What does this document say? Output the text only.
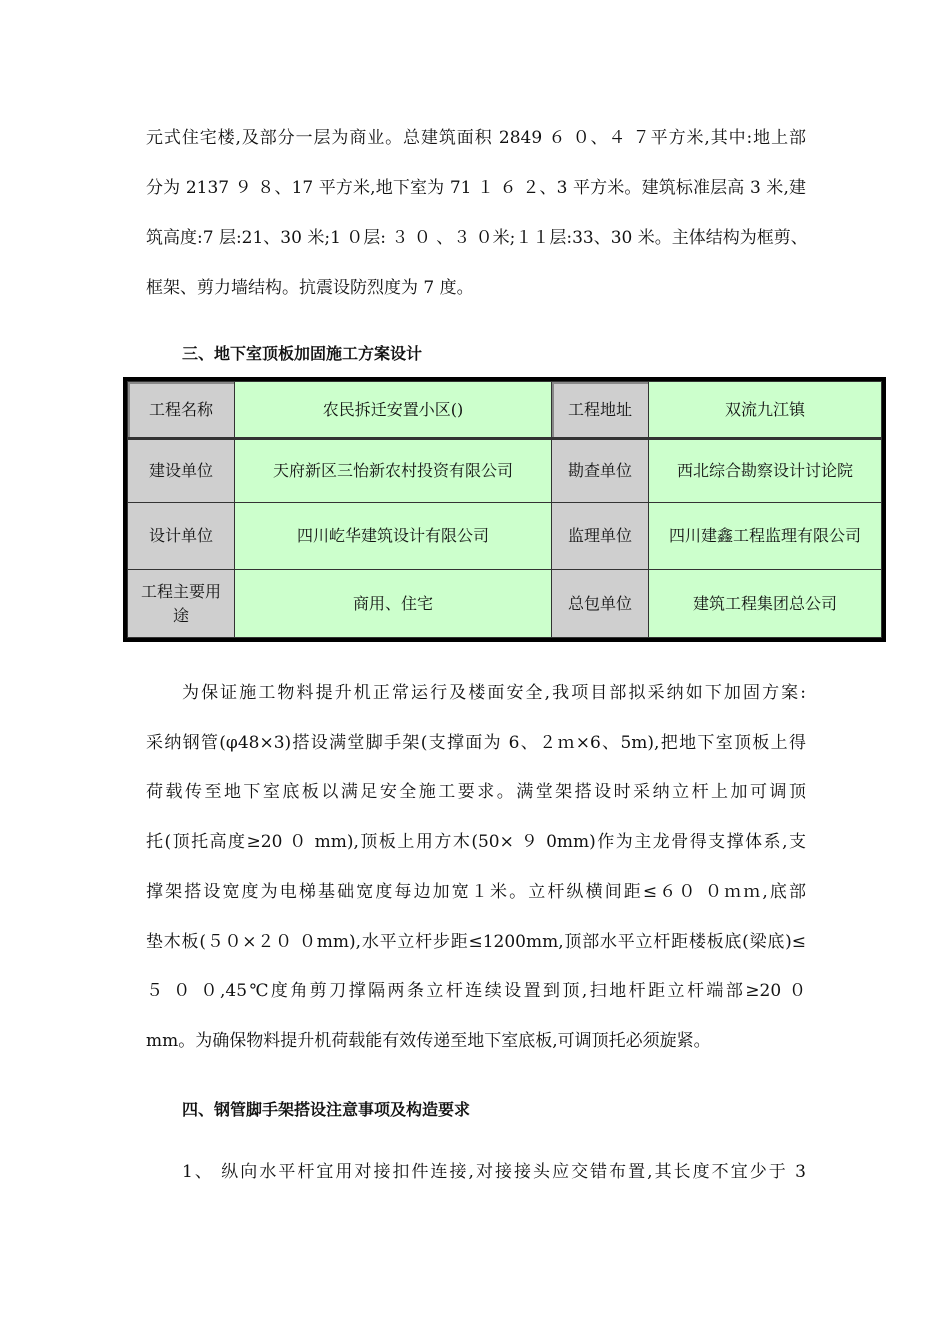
元式住宅楼,及部分一层为商业。总建筑面积 2849 ６ ０、４ ７平方米,其中:地上部
分为 2137 ９ ８、17 平方米,地下室为 71 １ ６ ２、3 平方米。建筑标准层高 3 米,建
筑高度:7 层:21、30 米;1 ０层: ３ ０ 、３ ０米;１１层:33、30 米。主体结构为框剪、
框架、剪力墙结构。抗震设防烈度为 7 度。
三、地下室顶板加固施工方案设计
工程名称	农民拆迁安置小区()	工程地址	双流九江镇
建设单位	天府新区三怡新农村投资有限公司	勘查单位	西北综合勘察设计讨论院
设计单位	四川屹华建筑设计有限公司	监理单位	四川建鑫工程监理有限公司
工程主要用途	商用、住宅	总包单位	建筑工程集团总公司
为保证施工物料提升机正常运行及楼面安全,我项目部拟采纳如下加固方案:
采纳钢管(φ48×3)搭设满堂脚手架(支撑面为 6、２ｍ×6、5m),把地下室顶板上得
荷载传至地下室底板以满足安全施工要求。满堂架搭设时采纳立杆上加可调顶
托(顶托高度≥20 ０ mm),顶板上用方木(50× ９ 0mm)作为主龙骨得支撑体系,支
撑架搭设宽度为电梯基础宽度每边加宽１米。立杆纵横间距≤６０ ０ｍｍ,底部
垫木板(５０×２０ ０mm),水平立杆步距≤1200mm,顶部水平立杆距楼板底(梁底)≤
５ ０ ０,45℃度角剪刀撑隔两条立杆连续设置到顶,扫地杆距立杆端部≥20 ０
mm。为确保物料提升机荷载能有效传递至地下室底板,可调顶托必须旋紧。
四、钢管脚手架搭设注意事项及构造要求
1、 纵向水平杆宜用对接扣件连接,对接接头应交错布置,其长度不宜少于 3
